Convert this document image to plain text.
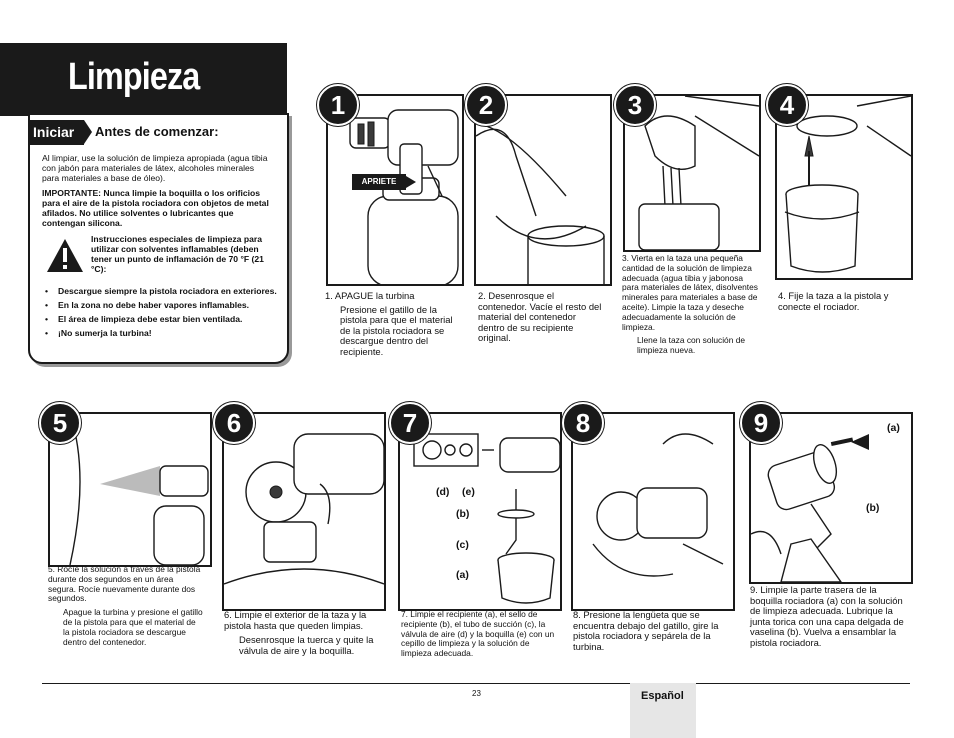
Limpieza
Iniciar	Antes de comenzar:
Al limpiar, use la solución de limpieza apropiada (agua tibia con jabón para materiales de látex, alcoholes minerales para materiales a base de óleo).
IMPORTANTE: Nunca limpie la boquilla o los orificios para el aire de la pistola rociadora con objetos de metal afilados. No utilice solventes o lubricantes que contengan silicona.
Instrucciones especiales de limpieza para utilizar con solventes inflamables (deben tener un punto de inflamación de 70 °F (21 °C):
• Descargue siempre la pistola rociadora en exteriores.
• En la zona no debe haber vapores inflamables.
• El área de limpieza debe estar bien ventilada.
• ¡No sumerja la turbina!
APRIETE
1

1. APAGUE la turbina

Presione el gatillo de la pistola para que el material de la pistola rociadora se descargue dentro del recipiente.

2

2. Desenrosque el contenedor. Vacíe el resto del material del contenedor dentro de su recipiente original.

3

3. Vierta en la taza una pequeña cantidad de la solución de limpieza adecuada (agua tibia y jabonosa para materiales de látex, disolventes minerales para materiales a base de aceite). Limpie la taza y deseche adecuadamente la solución de limpieza.

Llene la taza con solución de limpieza nueva.

4

4. Fije la taza a la pistola y conecte el rociador.

5

5. Rocíe la solución a través de la pistola durante dos segundos en un área segura. Rocíe nuevamente durante dos segundos.

Apague la turbina y presione el gatillo de la pistola para que el material de la pistola rociadora se descargue dentro del contenedor.

6

6. Limpie el exterior de la taza y la pistola hasta que queden limpias.

Desenrosque la tuerca y quite la válvula de aire y la boquilla.

(d) (e)
(b)
(c)
(a)
7

7. Limpie el recipiente (a), el sello de recipiente (b), el tubo de succión (c), la válvula de aire (d) y la boquilla (e) con un cepillo de limpieza y la solución de limpieza adecuada.

8

8. Presione la lengüeta que se encuentra debajo del gatillo, gire la pistola rociadora y sepárela de la turbina.

(a)
(b)
9

9. Limpie la parte trasera de la boquilla rociadora (a) con la solución de limpieza adecuada. Lubrique la junta torica con una capa delgada de vaselina (b). Vuelva a ensamblar la pistola rociadora.

23	Español
